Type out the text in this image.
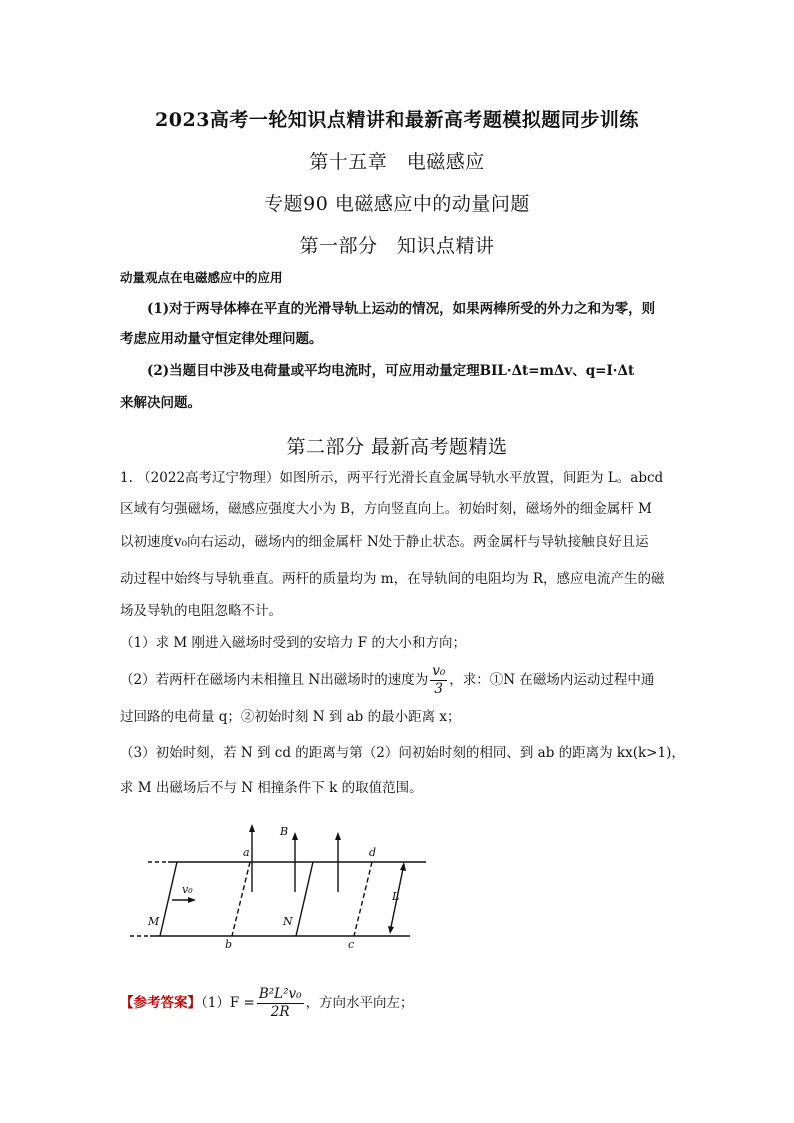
2023高考一轮知识点精讲和最新高考题模拟题同步训练
第十五章　电磁感应
专题90 电磁感应中的动量问题
第一部分　知识点精讲
动量观点在电磁感应中的应用
(1)对于两导体棒在平直的光滑导轨上运动的情况，如果两棒所受的外力之和为零，则
考虑应用动量守恒定律处理问题。
(2)当题目中涉及电荷量或平均电流时，可应用动量定理BIL·Δt=mΔv、q=I·Δt
来解决问题。
第二部分 最新高考题精选
1. （2022高考辽宁物理）如图所示，两平行光滑长直金属导轨水平放置，间距为 L。abcd
区域有匀强磁场，磁感应强度大小为 B，方向竖直向上。初始时刻，磁场外的细金属杆 M
以初速度v₀向右运动，磁场内的细金属杆 N处于静止状态。两金属杆与导轨接触良好且运
动过程中始终与导轨垂直。两杆的质量均为 m，在导轨间的电阻均为 R，感应电流产生的磁
场及导轨的电阻忽略不计。
（1）求 M 刚进入磁场时受到的安培力 F 的大小和方向；
（2）若两杆在磁场内未相撞且 N出磁场时的速度为 $\frac{\text{v₀}}{3}$ ，求：①N 在磁场内运动过程中通
过回路的电荷量 q；②初始时刻 N 到 ab 的最小距离 x；
（3）初始时刻，若 N 到 cd 的距离与第（2）问初始时刻的相同、到 ab 的距离为 kx(k>1)，
求 M 出磁场后不与 N 相撞条件下 k 的取值范围。
a	d
b	c
B
L
M	N
v₀
【参考答案】$(1)F = \frac{\text{B²L²v₀}}{2R}$ ，方向水平向左；
